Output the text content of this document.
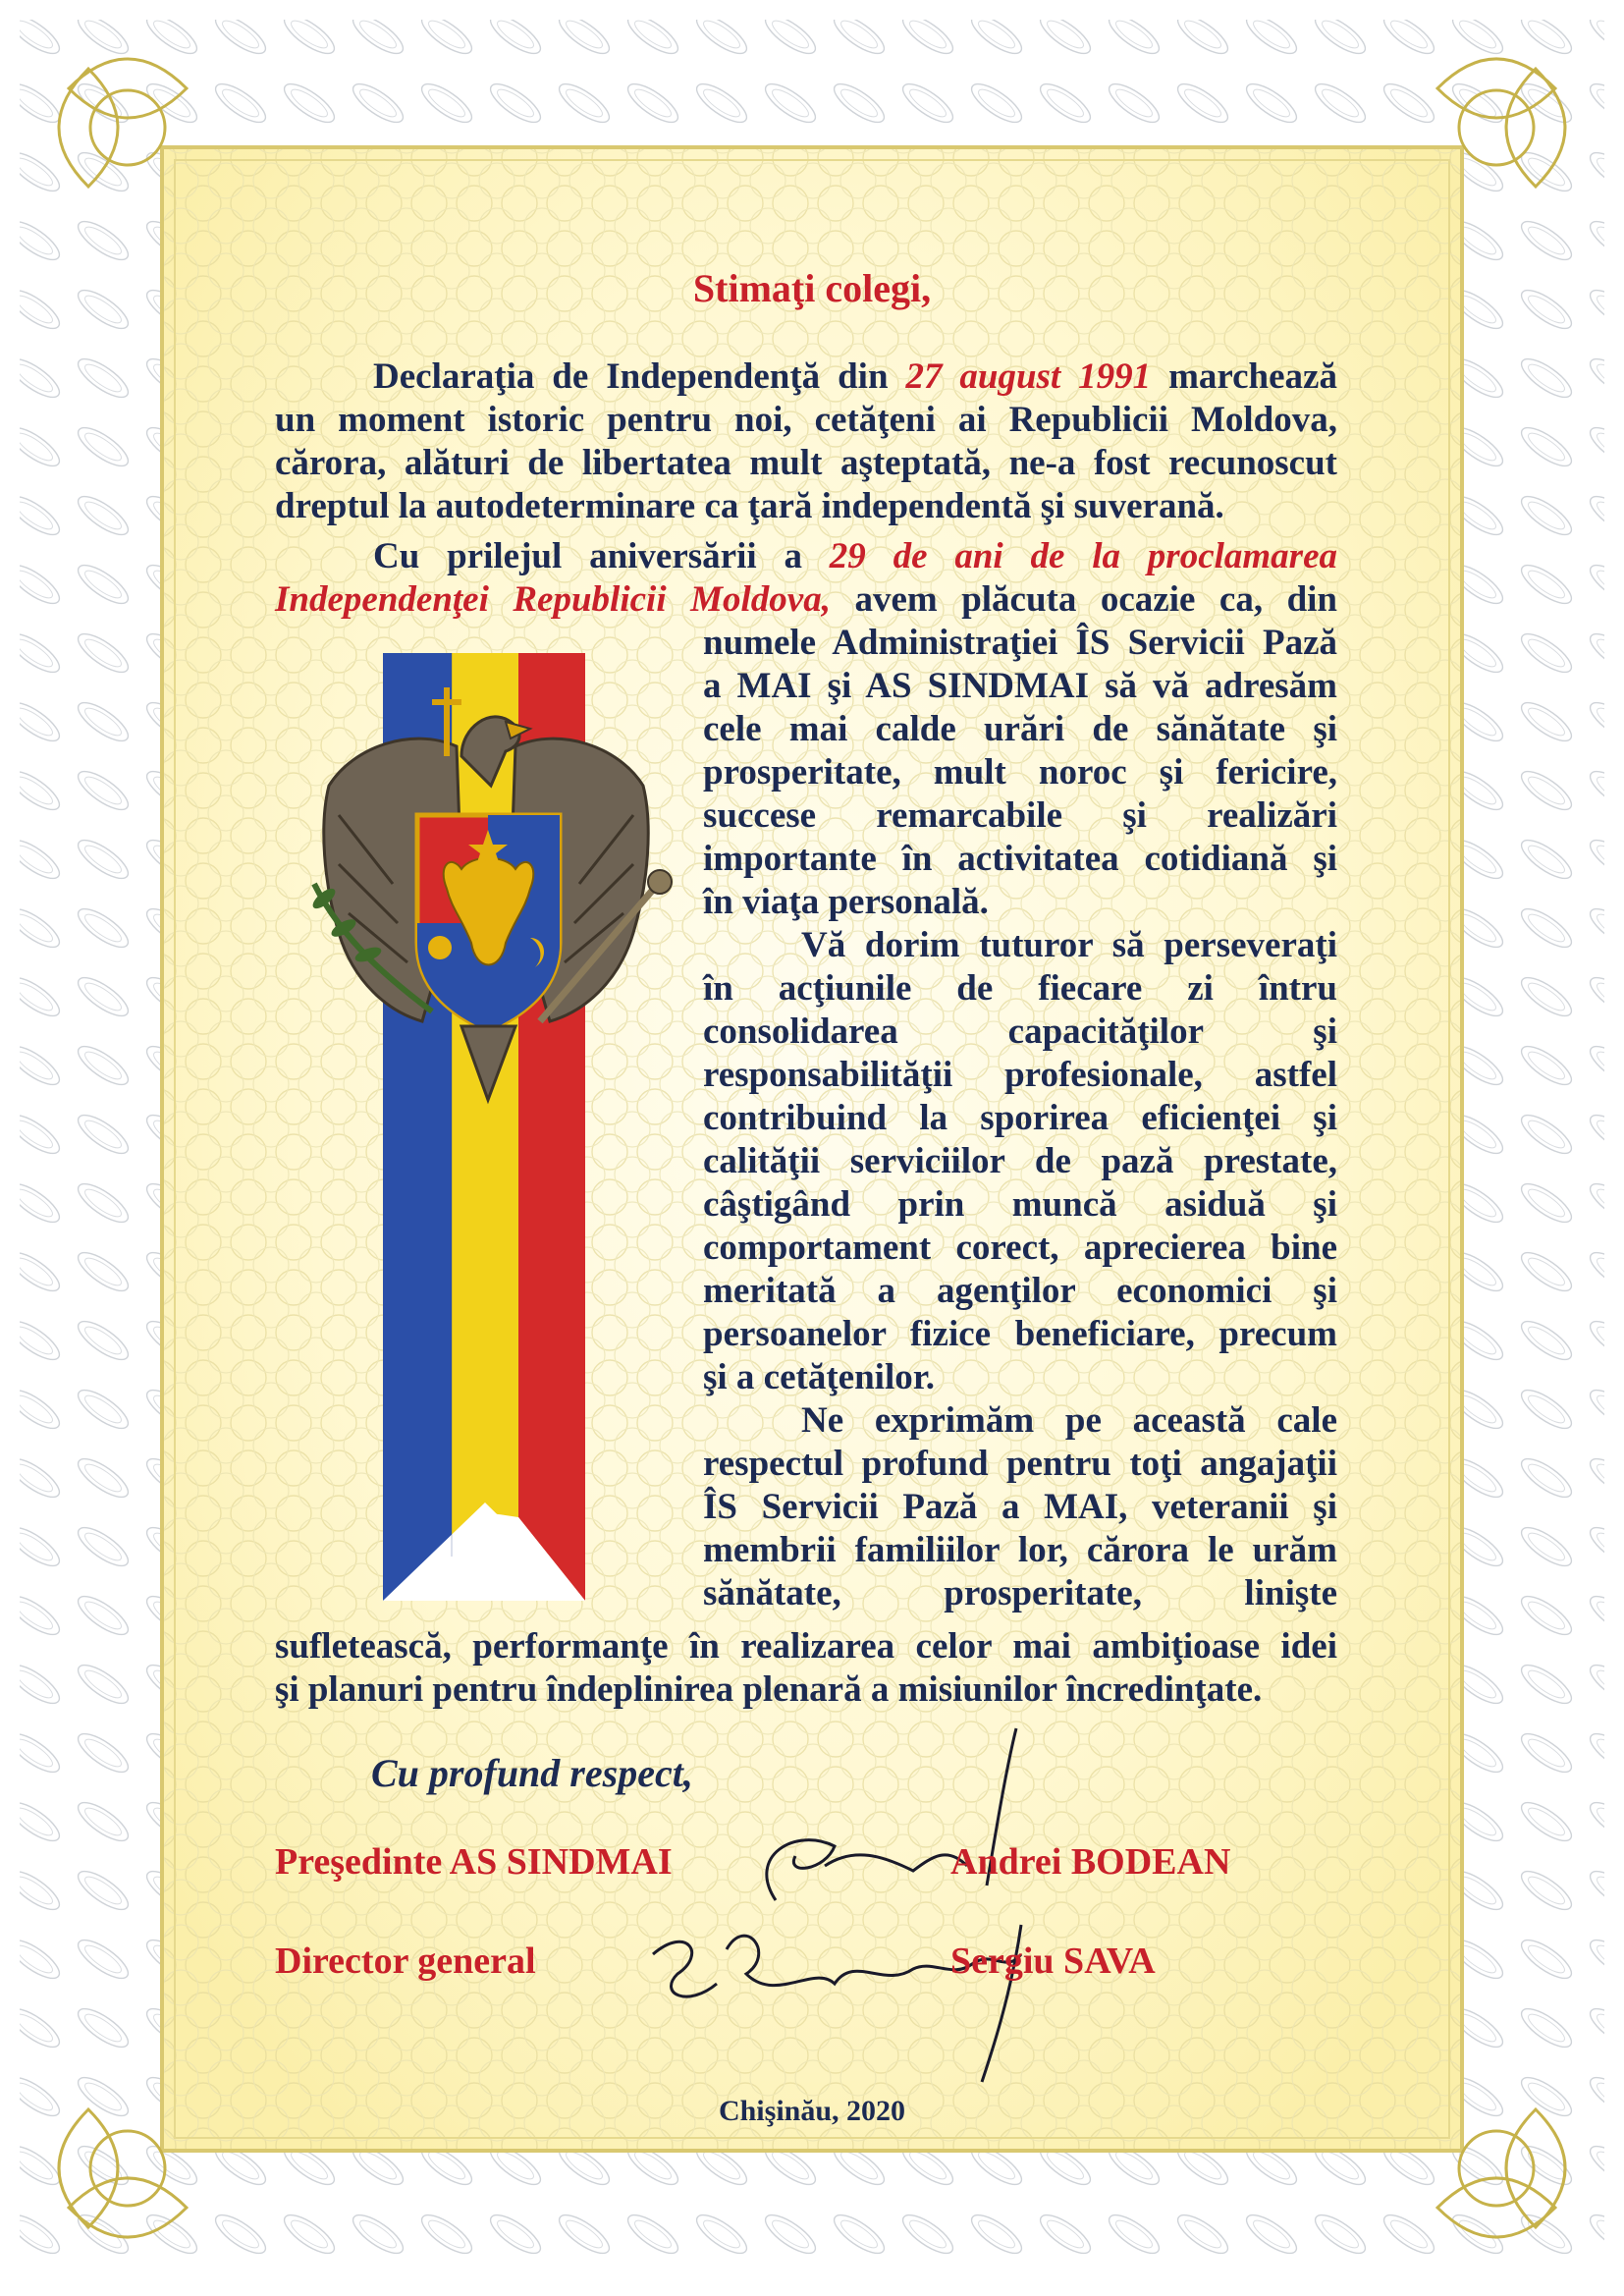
Stimaţi colegi,
Declaraţia de Independenţă din 27 august 1991 marchează
un moment istoric pentru noi, cetăţeni ai Republicii Moldova,
cărora, alături de libertatea mult aşteptată, ne-a fost recunoscut
dreptul la autodeterminare ca ţară independentă şi suverană.
Cu prilejul aniversării a 29 de ani de la proclamarea
Independenţei Republicii Moldova, avem plăcuta ocazie ca, din
numele Administraţiei ÎS Servicii Pază
a MAI şi AS SINDMAI să vă adresăm
cele mai calde urări de sănătate şi
prosperitate, mult noroc şi fericire,
succese remarcabile şi realizări
importante în activitatea cotidiană şi
în viaţa personală.
Vă dorim tuturor să perseveraţi
în acţiunile de fiecare zi întru
consolidarea capacităţilor şi
responsabilităţii profesionale, astfel
contribuind la sporirea eficienţei şi
calităţii serviciilor de pază prestate,
câştigând prin muncă asiduă şi
comportament corect, aprecierea bine
meritată a agenţilor economici şi
persoanelor fizice beneficiare, precum
şi a cetăţenilor.
Ne exprimăm pe această cale
respectul profund pentru toţi angajaţii
ÎS Servicii Pază a MAI, veteranii şi
membrii familiilor lor, cărora le urăm
sănătate, prosperitate, linişte
sufletească, performanţe în realizarea celor mai ambiţioase idei
şi planuri pentru îndeplinirea plenară a misiunilor încredinţate.
Cu profund respect,
Preşedinte AS SINDMAI	Andrei BODEAN
Director general	Sergiu SAVA
Chişinău, 2020
